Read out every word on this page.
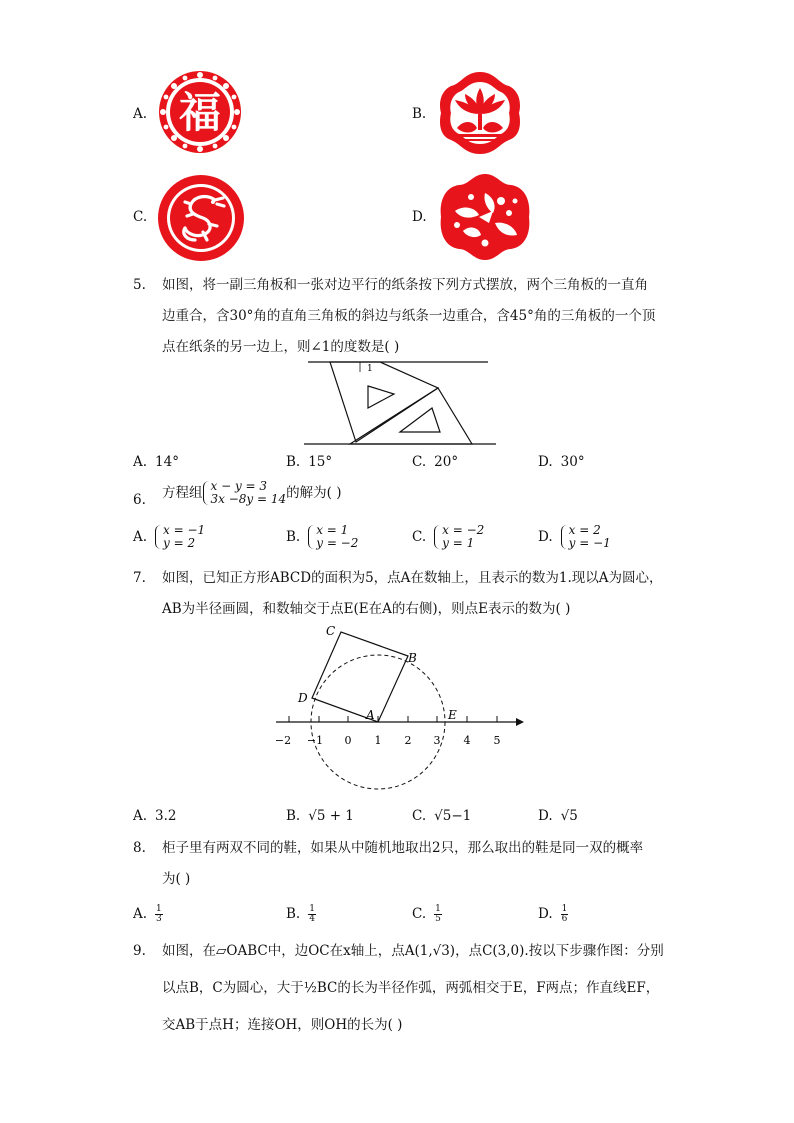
A. 福	B.
C.	D.
5. 如图，将一副三角板和一张对边平行的纸条按下列方式摆放，两个三角板的一直角
边重合，含30°角的直角三角板的斜边与纸条一边重合，含45°角的三角板的一个顶
点在纸条的另一边上，则∠1的度数是( )
1
A. 14°	B. 15°	C. 20°	D. 30°
6. 方程组 x − y = 3
3x −8y = 14的解为( )
A. x = −1
y = 2	B. x = 1
y = −2	C. x = −2
y = 1	D. x = 2
y = −1
7. 如图，已知正方形ABCD的面积为5，点A在数轴上，且表示的数为1.现以A为圆心，
AB为半径画圆，和数轴交于点E(E在A的右侧)，则点E表示的数为( )
−2 −1 0 1 2 3 4 5
A
B
C
D
E
A. 3.2	B. √5 + 1	C. √5−1	D. √5
8. 柜子里有两双不同的鞋，如果从中随机地取出2只，那么取出的鞋是同一双的概率
为( )
A. $\frac{1}{3}$	B. $\frac{1}{4}$	C. $\frac{1}{5}$	D. $\frac{1}{6}$
9. 如图，在▱OABC中，边OC在x轴上，点A(1,√3)，点C(3,0).按以下步骤作图：分别
以点B，C为圆心，大于½BC的长为半径作弧，两弧相交于E，F两点；作直线EF，
交AB于点H；连接OH，则OH的长为( )
